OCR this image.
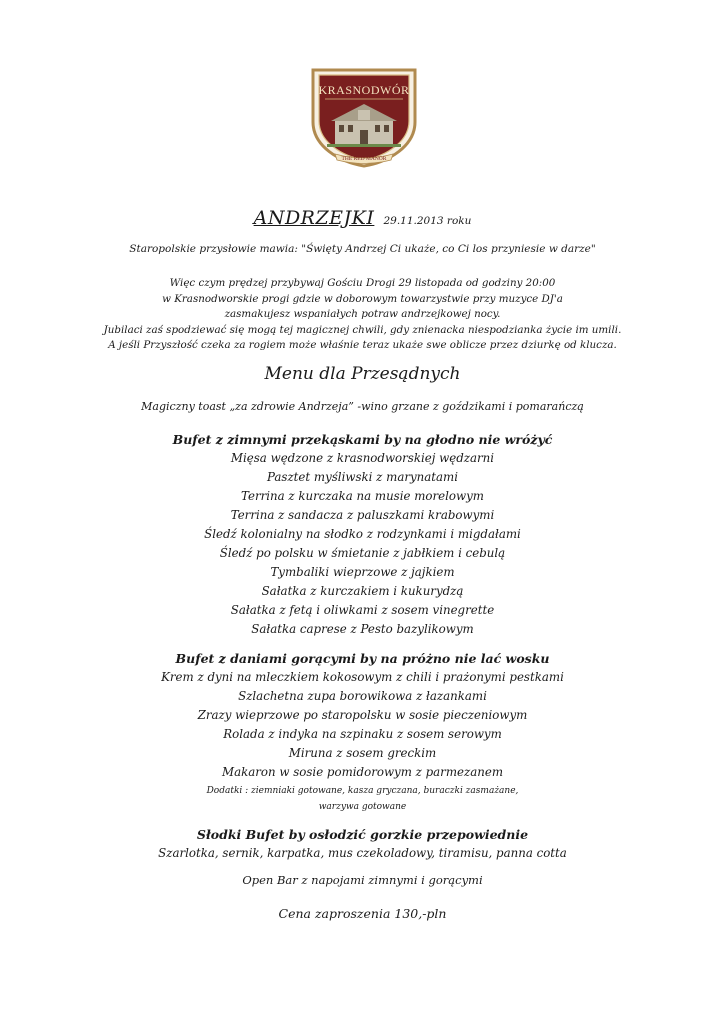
KRASNODWÓR
THE RED MANOR
ANDRZEJKI 29.11.2013 roku
Staropolskie przysłowie mawia: "Święty Andrzej Ci ukaże, co Ci los przyniesie w darze"
Więc czym prędzej przybywaj Gościu Drogi 29 listopada od godziny 20:00
w Krasnodworskie progi gdzie w doborowym towarzystwie przy muzyce DJ'a
zasmakujesz wspaniałych potraw andrzejkowej nocy.
Jubilaci zaś spodziewać się mogą tej magicznej chwili, gdy znienacka niespodzianka życie im umili.
A jeśli Przyszłość czeka za rogiem może właśnie teraz ukaże swe oblicze przez dziurkę od klucza.
Menu dla Przesądnych
Magiczny toast „za zdrowie Andrzeja” -wino grzane z goździkami i pomarańczą
Bufet z zimnymi przekąskami by na głodno nie wróżyć
Mięsa wędzone z krasnodworskiej wędzarni
Pasztet myśliwski z marynatami
Terrina z kurczaka na musie morelowym
Terrina z sandacza z paluszkami krabowymi
Śledź kolonialny na słodko z rodzynkami i migdałami
Śledź po polsku w śmietanie z jabłkiem i cebulą
Tymbaliki wieprzowe z jajkiem
Sałatka z kurczakiem i kukurydzą
Sałatka z fetą i oliwkami z sosem vinegrette
Sałatka caprese z Pesto bazylikowym
Bufet z daniami gorącymi by na próżno nie lać wosku
Krem z dyni na mleczkiem kokosowym z chili i prażonymi pestkami
Szlachetna zupa borowikowa z łazankami
Zrazy wieprzowe po staropolsku w sosie pieczeniowym
Rolada z indyka na szpinaku z sosem serowym
Miruna z sosem greckim
Makaron w sosie pomidorowym z parmezanem
Dodatki : ziemniaki gotowane, kasza gryczana, buraczki zasmażane,
warzywa gotowane
Słodki Bufet by osłodzić gorzkie przepowiednie
Szarlotka, sernik, karpatka, mus czekoladowy, tiramisu, panna cotta
Open Bar z napojami zimnymi i gorącymi
Cena zaproszenia 130,-pln
